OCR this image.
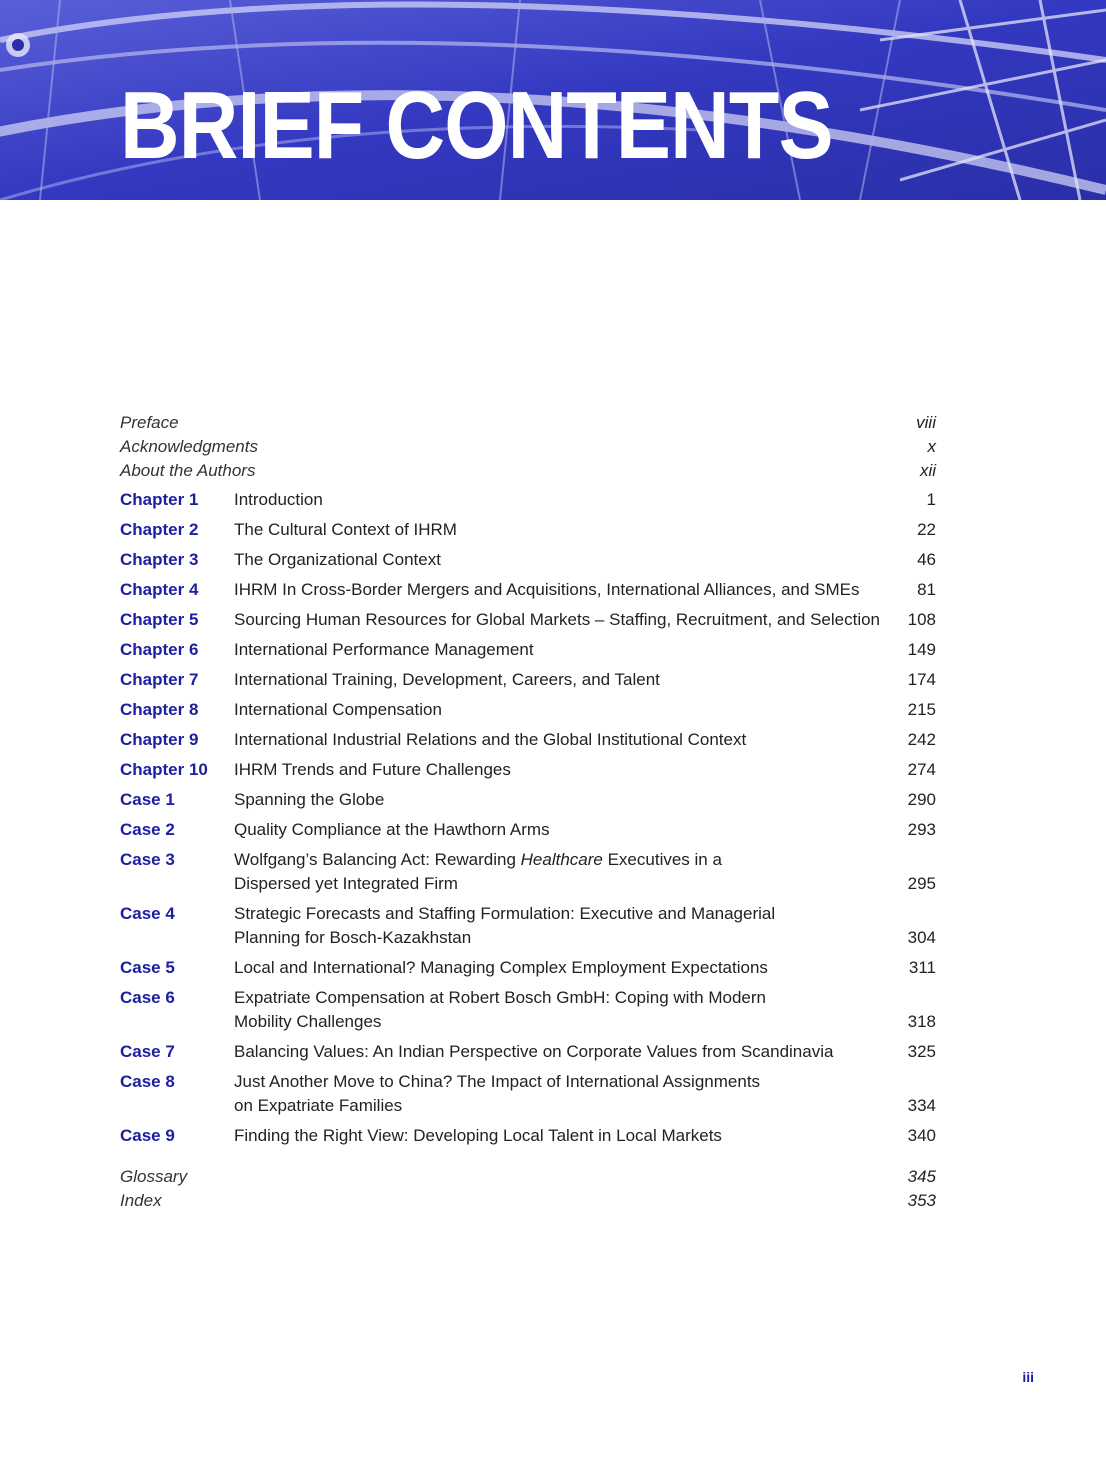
BRIEF CONTENTS
Preface	viii
Acknowledgments	x
About the Authors	xii
Chapter 1	Introduction	1
Chapter 2	The Cultural Context of IHRM	22
Chapter 3	The Organizational Context	46
Chapter 4	IHRM In Cross-Border Mergers and Acquisitions, International Alliances, and SMEs	81
Chapter 5	Sourcing Human Resources for Global Markets – Staffing, Recruitment, and Selection	108
Chapter 6	International Performance Management	149
Chapter 7	International Training, Development, Careers, and Talent	174
Chapter 8	International Compensation	215
Chapter 9	International Industrial Relations and the Global Institutional Context	242
Chapter 10	IHRM Trends and Future Challenges	274
Case 1	Spanning the Globe	290
Case 2	Quality Compliance at the Hawthorn Arms	293
Case 3	Wolfgang’s Balancing Act: Rewarding Healthcare Executives in a
Dispersed yet Integrated Firm	295
Case 4	Strategic Forecasts and Staffing Formulation: Executive and Managerial
Planning for Bosch-Kazakhstan	304
Case 5	Local and International? Managing Complex Employment Expectations	311
Case 6	Expatriate Compensation at Robert Bosch GmbH: Coping with Modern
Mobility Challenges	318
Case 7	Balancing Values: An Indian Perspective on Corporate Values from Scandinavia	325
Case 8	Just Another Move to China? The Impact of International Assignments
on Expatriate Families	334
Case 9	Finding the Right View: Developing Local Talent in Local Markets	340
Glossary	345
Index	353
iii
